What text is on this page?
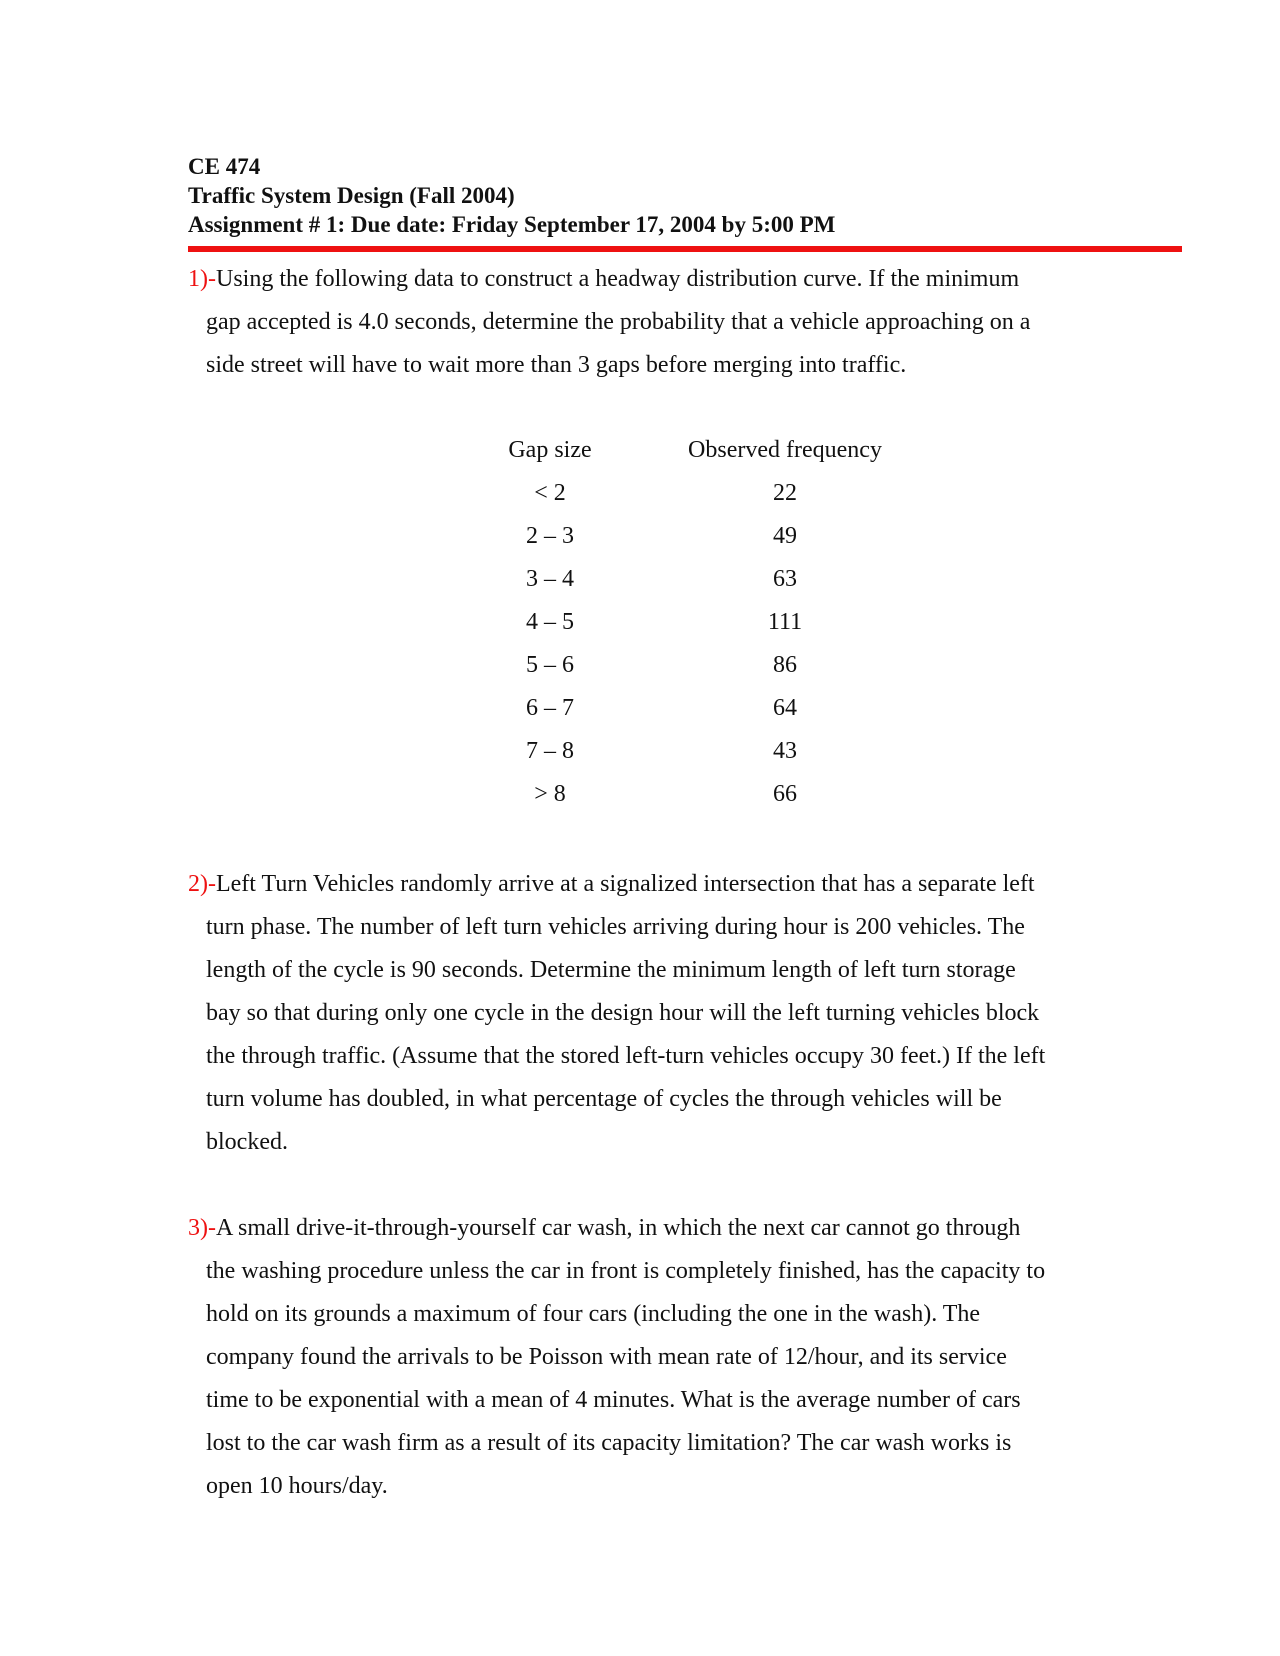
CE 474
Traffic System Design (Fall 2004)
Assignment # 1: Due date: Friday September 17, 2004 by 5:00 PM
1)-Using the following data to construct a headway distribution curve. If the minimum
gap accepted is 4.0 seconds, determine the probability that a vehicle approaching on a
side street will have to wait more than 3 gaps before merging into traffic.
Gap size	Observed frequency
< 2	22
2 – 3	49
3 – 4	63
4 – 5	111
5 – 6	86
6 – 7	64
7 – 8	43
> 8	66
2)-Left Turn Vehicles randomly arrive at a signalized intersection that has a separate left
turn phase. The number of left turn vehicles arriving during hour is 200 vehicles. The
length of the cycle is 90 seconds. Determine the minimum length of left turn storage
bay so that during only one cycle in the design hour will the left turning vehicles block
the through traffic. (Assume that the stored left-turn vehicles occupy 30 feet.) If the left
turn volume has doubled, in what percentage of cycles the through vehicles will be
blocked.
3)-A small drive-it-through-yourself car wash, in which the next car cannot go through
the washing procedure unless the car in front is completely finished, has the capacity to
hold on its grounds a maximum of four cars (including the one in the wash). The
company found the arrivals to be Poisson with mean rate of 12/hour, and its service
time to be exponential with a mean of 4 minutes. What is the average number of cars
lost to the car wash firm as a result of its capacity limitation? The car wash works is
open 10 hours/day.
